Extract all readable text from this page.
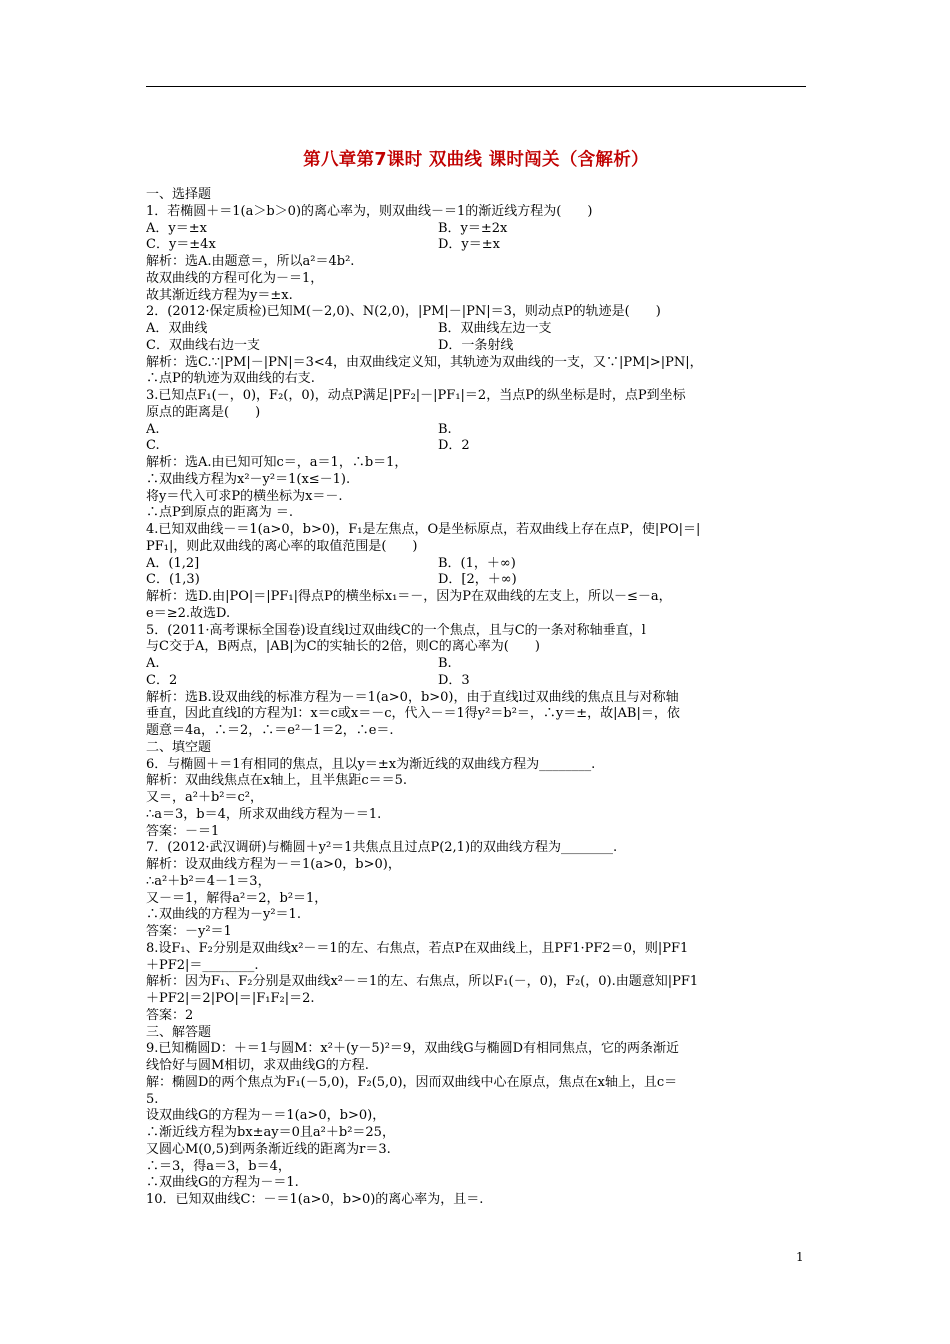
第八章第7课时 双曲线 课时闯关（含解析）
一、选择题
1．若椭圆＋＝1(a＞b＞0)的离心率为，则双曲线－＝1的渐近线方程为(　　)
A．y＝±x	B．y＝±2x
C．y＝±4x	D．y＝±x
解析：选A.由题意＝，所以a²＝4b².
故双曲线的方程可化为－＝1，
故其渐近线方程为y＝±x.
2．(2012·保定质检)已知M(－2,0)、N(2,0)，|PM|－|PN|＝3，则动点P的轨迹是(　　)
A．双曲线	B．双曲线左边一支
C．双曲线右边一支	D．一条射线
解析：选C.∵|PM|－|PN|＝3<4，由双曲线定义知，其轨迹为双曲线的一支，又∵|PM|>|PN|，
∴点P的轨迹为双曲线的右支.
3.已知点F₁(－，0)，F₂(，0)，动点P满足|PF₂|－|PF₁|＝2，当点P的纵坐标是时，点P到坐标
原点的距离是(　　)
A.	B.
C.	D．2
解析：选A.由已知可知c＝，a＝1，∴b＝1，
∴双曲线方程为x²－y²＝1(x≤－1).
将y＝代入可求P的横坐标为x＝－.
∴点P到原点的距离为 ＝.
4.已知双曲线－＝1(a>0，b>0)，F₁是左焦点，O是坐标原点，若双曲线上存在点P，使|PO|＝|
PF₁|，则此双曲线的离心率的取值范围是(　　)
A．(1,2]	B．(1，＋∞)
C．(1,3)	D．[2，＋∞)
解析：选D.由|PO|＝|PF₁|得点P的横坐标x₁＝－，因为P在双曲线的左支上，所以－≤－a，
e＝≥2.故选D.
5．(2011·高考课标全国卷)设直线l过双曲线C的一个焦点，且与C的一条对称轴垂直，l
与C交于A，B两点，|AB|为C的实轴长的2倍，则C的离心率为(　　)
A.	B.
C．2	D．3
解析：选B.设双曲线的标准方程为－＝1(a>0，b>0)，由于直线l过双曲线的焦点且与对称轴
垂直，因此直线l的方程为l：x＝c或x＝－c，代入－＝1得y²＝b²＝，∴y＝±，故|AB|＝，依
题意＝4a，∴＝2，∴＝e²－1＝2，∴e＝.
二、填空题
6．与椭圆＋＝1有相同的焦点，且以y＝±x为渐近线的双曲线方程为________.
解析：双曲线焦点在x轴上，且半焦距c＝＝5.
又＝，a²＋b²＝c²，
∴a＝3，b＝4，所求双曲线方程为－＝1.
答案：－＝1
7．(2012·武汉调研)与椭圆＋y²＝1共焦点且过点P(2,1)的双曲线方程为________.
解析：设双曲线方程为－＝1(a>0，b>0)，
∴a²＋b²＝4－1＝3，
又－＝1，解得a²＝2，b²＝1，
∴双曲线的方程为－y²＝1.
答案：－y²＝1
8.设F₁、F₂分别是双曲线x²－＝1的左、右焦点，若点P在双曲线上，且PF1·PF2＝0，则|PF1
＋PF2|＝________.
解析：因为F₁、F₂分别是双曲线x²－＝1的左、右焦点，所以F₁(－，0)，F₂(，0).由题意知|PF1
＋PF2|＝2|PO|＝|F₁F₂|＝2.
答案：2
三、解答题
9.已知椭圆D：＋＝1与圆M：x²＋(y－5)²＝9，双曲线G与椭圆D有相同焦点，它的两条渐近
线恰好与圆M相切，求双曲线G的方程.
解：椭圆D的两个焦点为F₁(－5,0)，F₂(5,0)，因而双曲线中心在原点，焦点在x轴上，且c＝
5.
设双曲线G的方程为－＝1(a>0，b>0)，
∴渐近线方程为bx±ay＝0且a²＋b²＝25，
又圆心M(0,5)到两条渐近线的距离为r＝3.
∴＝3，得a＝3，b＝4，
∴双曲线G的方程为－＝1.
10．已知双曲线C：－＝1(a>0，b>0)的离心率为，且＝.
1
